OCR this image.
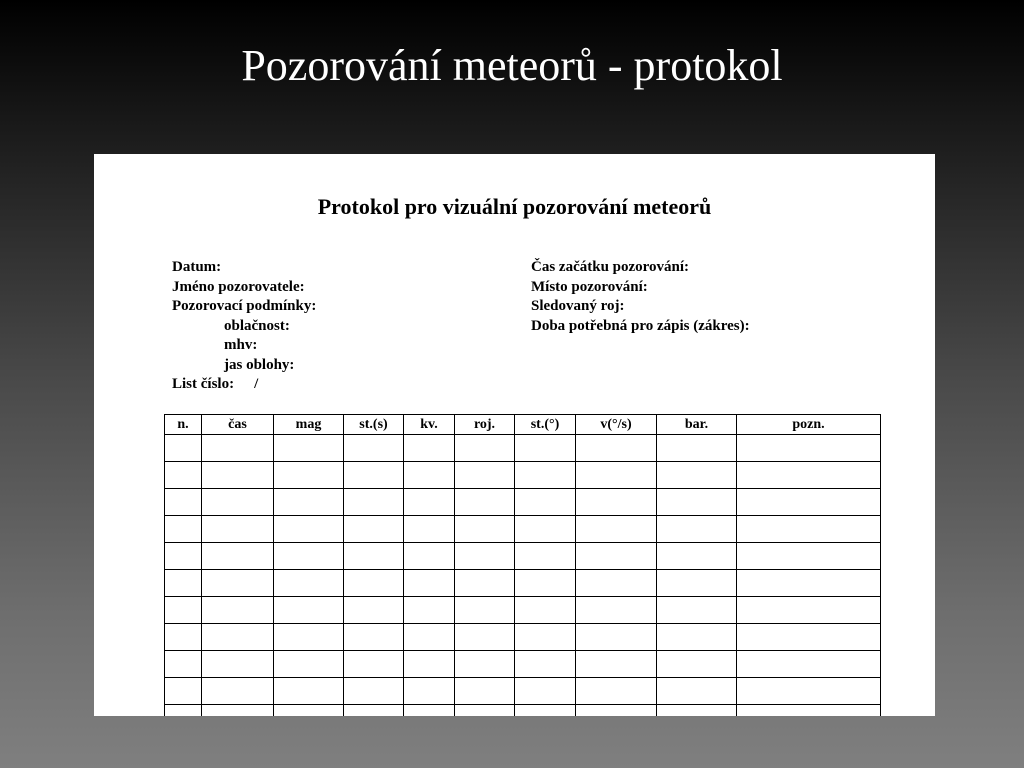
Pozorování meteorů - protokol
Protokol pro vizuální pozorování meteorů
Datum:
Jméno pozorovatele:
Pozorovací podmínky:
oblačnost:
mhv:
jas oblohy:
List číslo: /
Čas začátku pozorování:
Místo pozorování:
Sledovaný roj:
Doba potřebná pro zápis (zákres):
n.	čas	mag	st.(s)	kv.	roj.	st.(°)	v(°/s)	bar.	pozn.
